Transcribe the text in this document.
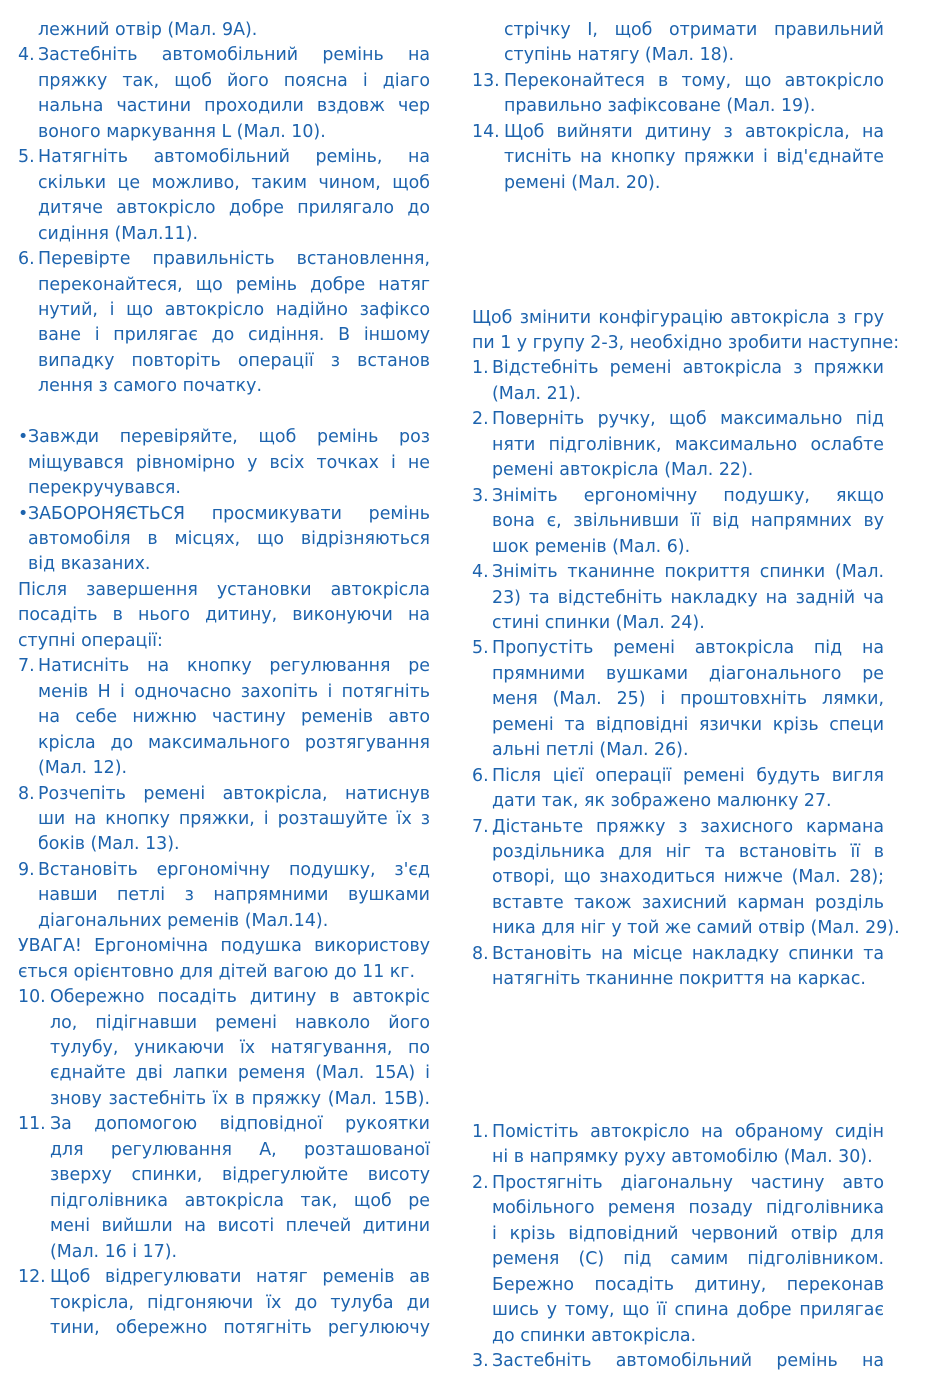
лежний отвір (Мал. 9А).
4. Застебніть автомобільний ремінь на
пряжку так, щоб його поясна і діаго
нальна частини проходили вздовж чер
воного маркування L (Мал. 10).
5. Натягніть автомобільний ремінь, на
скільки це можливо, таким чином, щоб
дитяче автокрісло добре прилягало до
сидіння (Мал.11).
6. Перевірте правильність встановлення,
переконайтеся, що ремінь добре натяг
нутий, і що автокрісло надійно зафіксо
ване і прилягає до сидіння. В іншому
випадку повторіть операції з встанов
лення з самого початку.
• Завжди перевіряйте, щоб ремінь роз
міщувався рівномірно у всіх точках і не
перекручувався.
• ЗАБОРОНЯЄТЬСЯ просмикувати ремінь
автомобіля в місцях, що відрізняються
від вказаних.
Після завершення установки автокрісла
посадіть в нього дитину, виконуючи на
ступні операції:
7. Натисніть на кнопку регулювання ре
менів H і одночасно захопіть і потягніть
на себе нижню частину ременів авто
крісла до максимального розтягування
(Мал. 12).
8. Розчепіть ремені автокрісла, натиснув
ши на кнопку пряжки, і розташуйте їх з
боків (Мал. 13).
9. Встановіть ергономічну подушку, з'єд
навши петлі з напрямними вушками
діагональних ременів (Мал.14).
УВАГА! Ергономічна подушка використову
ється орієнтовно для дітей вагою до 11 кг.
10. Обережно посадіть дитину в автокріс
ло, підігнавши ремені навколо його
тулубу, уникаючи їх натягування, по
єднайте дві лапки ременя (Мал. 15A) і
знову застебніть їх в пряжку (Мал. 15B).
11. За допомогою відповідної рукоятки
для регулювання A, розташованої
зверху спинки, відрегулюйте висоту
підголівника автокрісла так, щоб ре
мені вийшли на висоті плечей дитини
(Мал. 16 і 17).
12. Щоб відрегулювати натяг ременів ав
токрісла, підгоняючи їх до тулуба ди
тини, обережно потягніть регулюючу
стрічку I, щоб отримати правильний
ступінь натягу (Мал. 18).
13. Переконайтеся в тому, що автокрісло
правильно зафіксоване (Мал. 19).
14. Щоб вийняти дитину з автокрісла, на
тисніть на кнопку пряжки і від'єднайте
ремені (Мал. 20).
Щоб змінити конфігурацію автокрісла з гру
пи 1 у групу 2-3, необхідно зробити наступне:
1. Відстебніть ремені автокрісла з пряжки
(Мал. 21).
2. Поверніть ручку, щоб максимально під
няти підголівник, максимально ослабте
ремені автокрісла (Мал. 22).
3. Зніміть ергономічну подушку, якщо
вона є, звільнивши її від напрямних ву
шок ременів (Мал. 6).
4. Зніміть тканинне покриття спинки (Мал.
23) та відстебніть накладку на задній ча
стині спинки (Мал. 24).
5. Пропустіть ремені автокрісла під на
прямними вушками діагонального ре
меня (Мал. 25) і проштовхніть лямки,
ремені та відповідні язички крізь специ
альні петлі (Мал. 26).
6. Після цієї операції ремені будуть вигля
дати так, як зображено малюнку 27.
7. Дістаньте пряжку з захисного кармана
роздільника для ніг та встановіть її в
отворі, що знаходиться нижче (Мал. 28);
вставте також захисний карман розділь
ника для ніг у той же самий отвір (Мал. 29).
8. Встановіть на місце накладку спинки та
натягніть тканинне покриття на каркас.
1. Помістіть автокрісло на обраному сидін
ні в напрямку руху автомобілю (Мал. 30).
2. Простягніть діагональну частину авто
мобільного ременя позаду підголівника
і крізь відповідний червоний отвір для
ременя (С) під самим підголівником.
Бережно посадіть дитину, переконав
шись у тому, що її спина добре прилягає
до спинки автокрісла.
3. Застебніть автомобільний ремінь на
